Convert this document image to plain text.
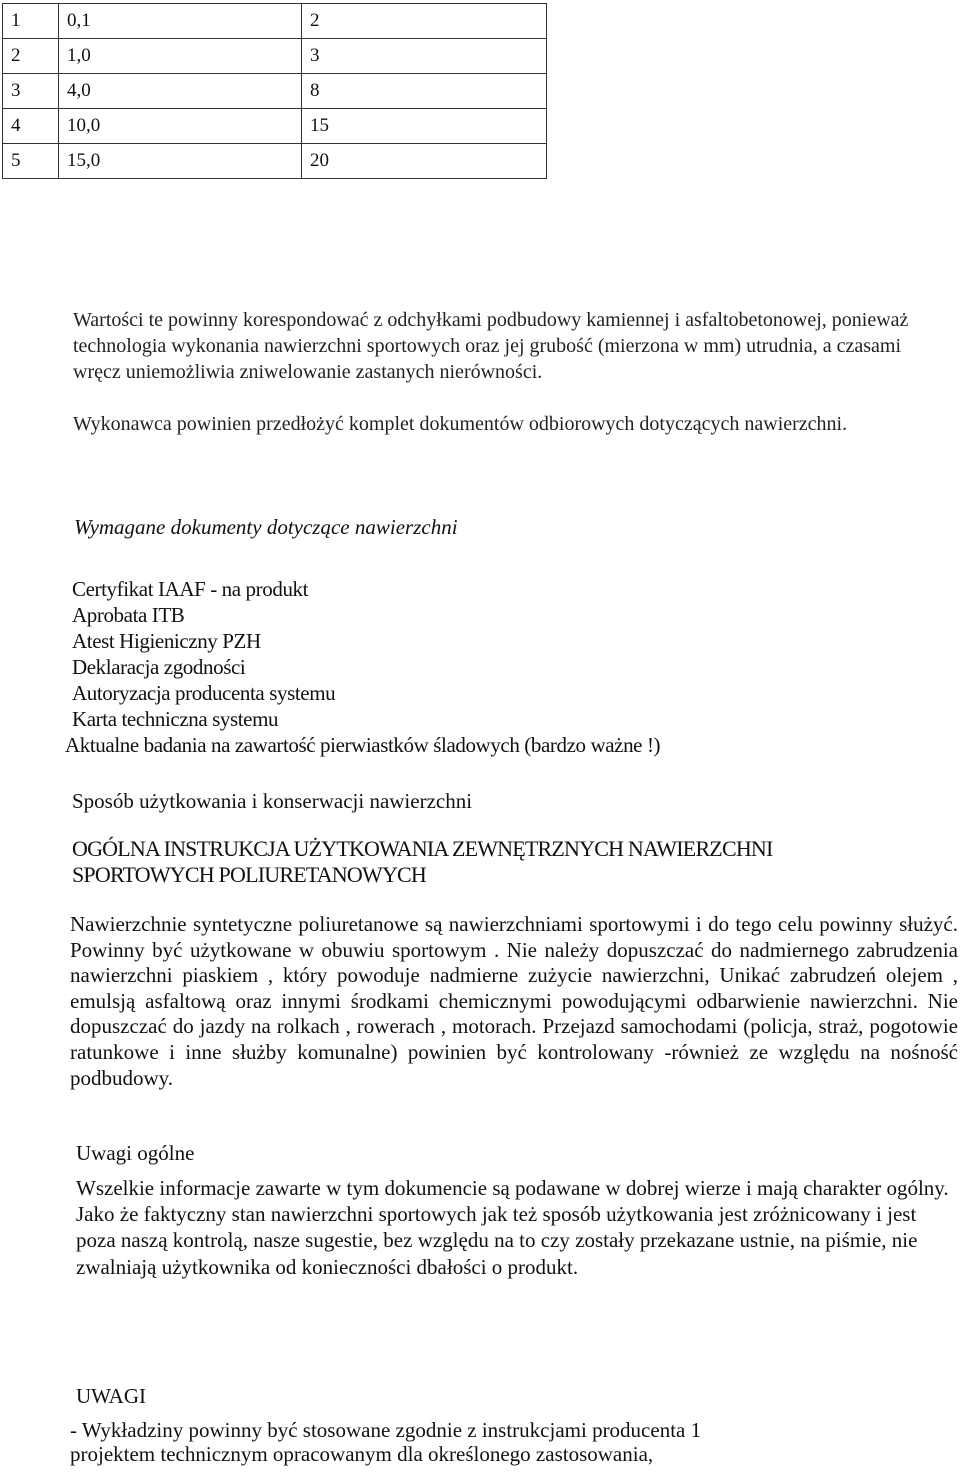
1	0,1	2
2	1,0	3
3	4,0	8
4	10,0	15
5	15,0	20
Wartości te powinny korespondować z odchyłkami podbudowy kamiennej i asfaltobetonowej, ponieważ technologia wykonania nawierzchni sportowych oraz jej grubość (mierzona w mm) utrudnia, a czasami wręcz uniemożliwia zniwelowanie zastanych nierówności.
Wykonawca powinien przedłożyć komplet dokumentów odbiorowych dotyczących nawierzchni.
Wymagane dokumenty dotyczące nawierzchni
Certyfikat IAAF - na produkt
Aprobata ITB
Atest Higieniczny PZH
Deklaracja zgodności
Autoryzacja producenta systemu
Karta techniczna systemu
Aktualne badania na zawartość pierwiastków śladowych (bardzo ważne !)
Sposób użytkowania i konserwacji nawierzchni
OGÓLNA INSTRUKCJA UŻYTKOWANIA ZEWNĘTRZNYCH NAWIERZCHNI
SPORTOWYCH POLIURETANOWYCH
Nawierzchnie syntetyczne poliuretanowe są nawierzchniami sportowymi i do tego celu powinny służyć. Powinny być użytkowane w obuwiu sportowym . Nie należy dopuszczać do nadmiernego zabrudzenia nawierzchni piaskiem , który powoduje nadmierne zużycie nawierzchni, Unikać zabrudzeń olejem , emulsją asfaltową oraz innymi środkami chemicznymi powodującymi odbarwienie nawierzchni. Nie dopuszczać do jazdy na rolkach , rowerach , motorach. Przejazd samochodami (policja, straż, pogotowie ratunkowe i inne służby komunalne) powinien być kontrolowany -również ze względu na nośność podbudowy.
Uwagi ogólne
Wszelkie informacje zawarte w tym dokumencie są podawane w dobrej wierze i mają charakter ogólny. Jako że faktyczny stan nawierzchni sportowych jak też sposób użytkowania jest zróżnicowany i jest poza naszą kontrolą, nasze sugestie, bez względu na to czy zostały przekazane ustnie, na piśmie, nie zwalniają użytkownika od konieczności dbałości o produkt.
UWAGI
- Wykładziny powinny być stosowane zgodnie z instrukcjami producenta 1
projektem technicznym opracowanym dla określonego zastosowania,
